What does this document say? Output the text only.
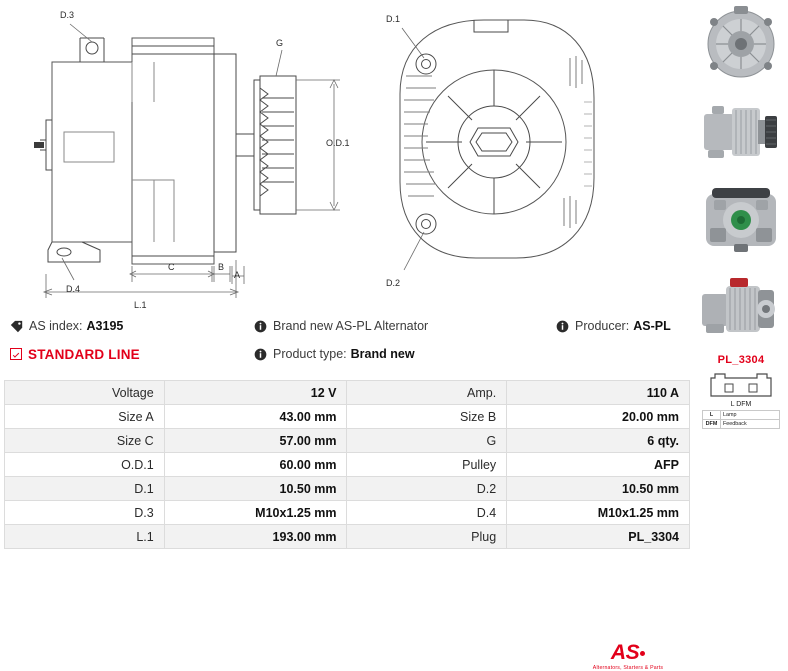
D.3
G
O.D.1
D.4
C	B
A
L.1
D.1
D.2
AS index: A3195	Brand new AS-PL Alternator	Producer: AS-PL
STANDARD LINE	Product type: Brand new
AS
Alternators, Starters & Parts
Voltage	12 V	Amp.	110 A
Size A	43.00 mm	Size B	20.00 mm
Size C	57.00 mm	G	6 qty.
O.D.1	60.00 mm	Pulley	AFP
D.1	10.50 mm	D.2	10.50 mm
D.3	M10x1.25 mm	D.4	M10x1.25 mm
L.1	193.00 mm	Plug	PL_3304
PL_3304
L DFM
L	Lamp
DFM	Feedback
